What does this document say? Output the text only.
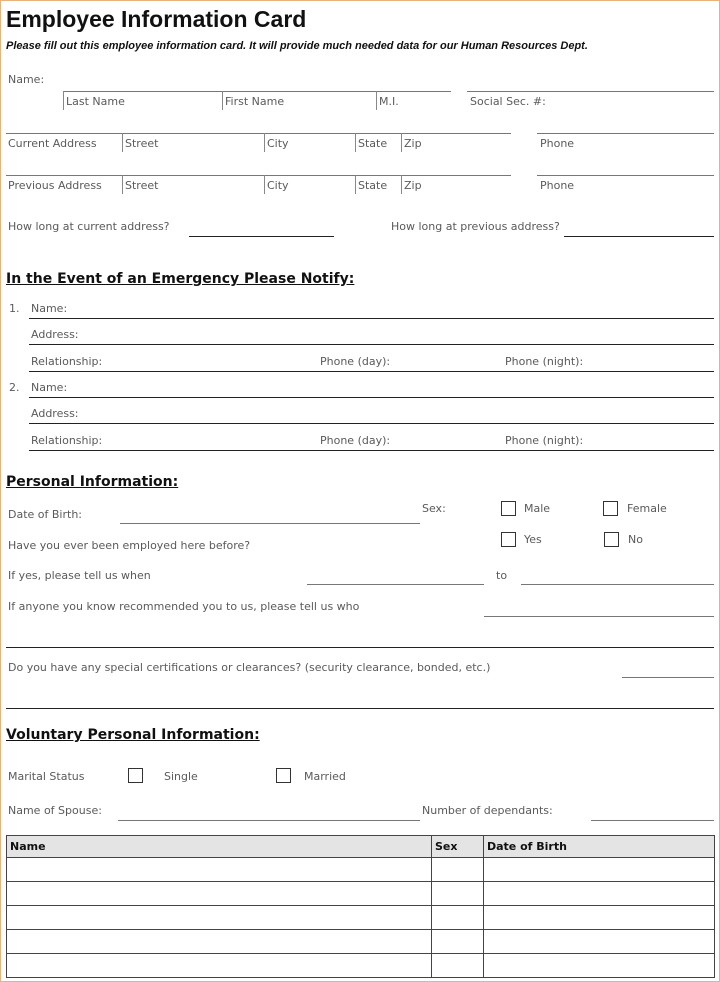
Employee Information Card
Please fill out this employee information card. It will provide much needed data for our Human Resources Dept.
Name:
Last Name	First Name	M.I.	Social Sec. #:
Current Address	Street	City	State Zip	Phone
Previous Address Street	City	State Zip	Phone
How long at current address?	How long at previous address?
In the Event of an Emergency Please Notify:
1. Name:
Address:
Relationship:	Phone (day):	Phone (night):
2. Name:
Address:
Relationship:	Phone (day):	Phone (night):
Personal Information:
Date of Birth:	Sex:	Male	Female
Have you ever been employed here before?	Yes	No
If yes, please tell us when	to
If anyone you know recommended you to us, please tell us who
Do you have any special certifications or clearances? (security clearance, bonded, etc.)
Voluntary Personal Information:
Marital Status	Single	Married
Name of Spouse:	Number of dependants:
Name	Sex	Date of Birth
